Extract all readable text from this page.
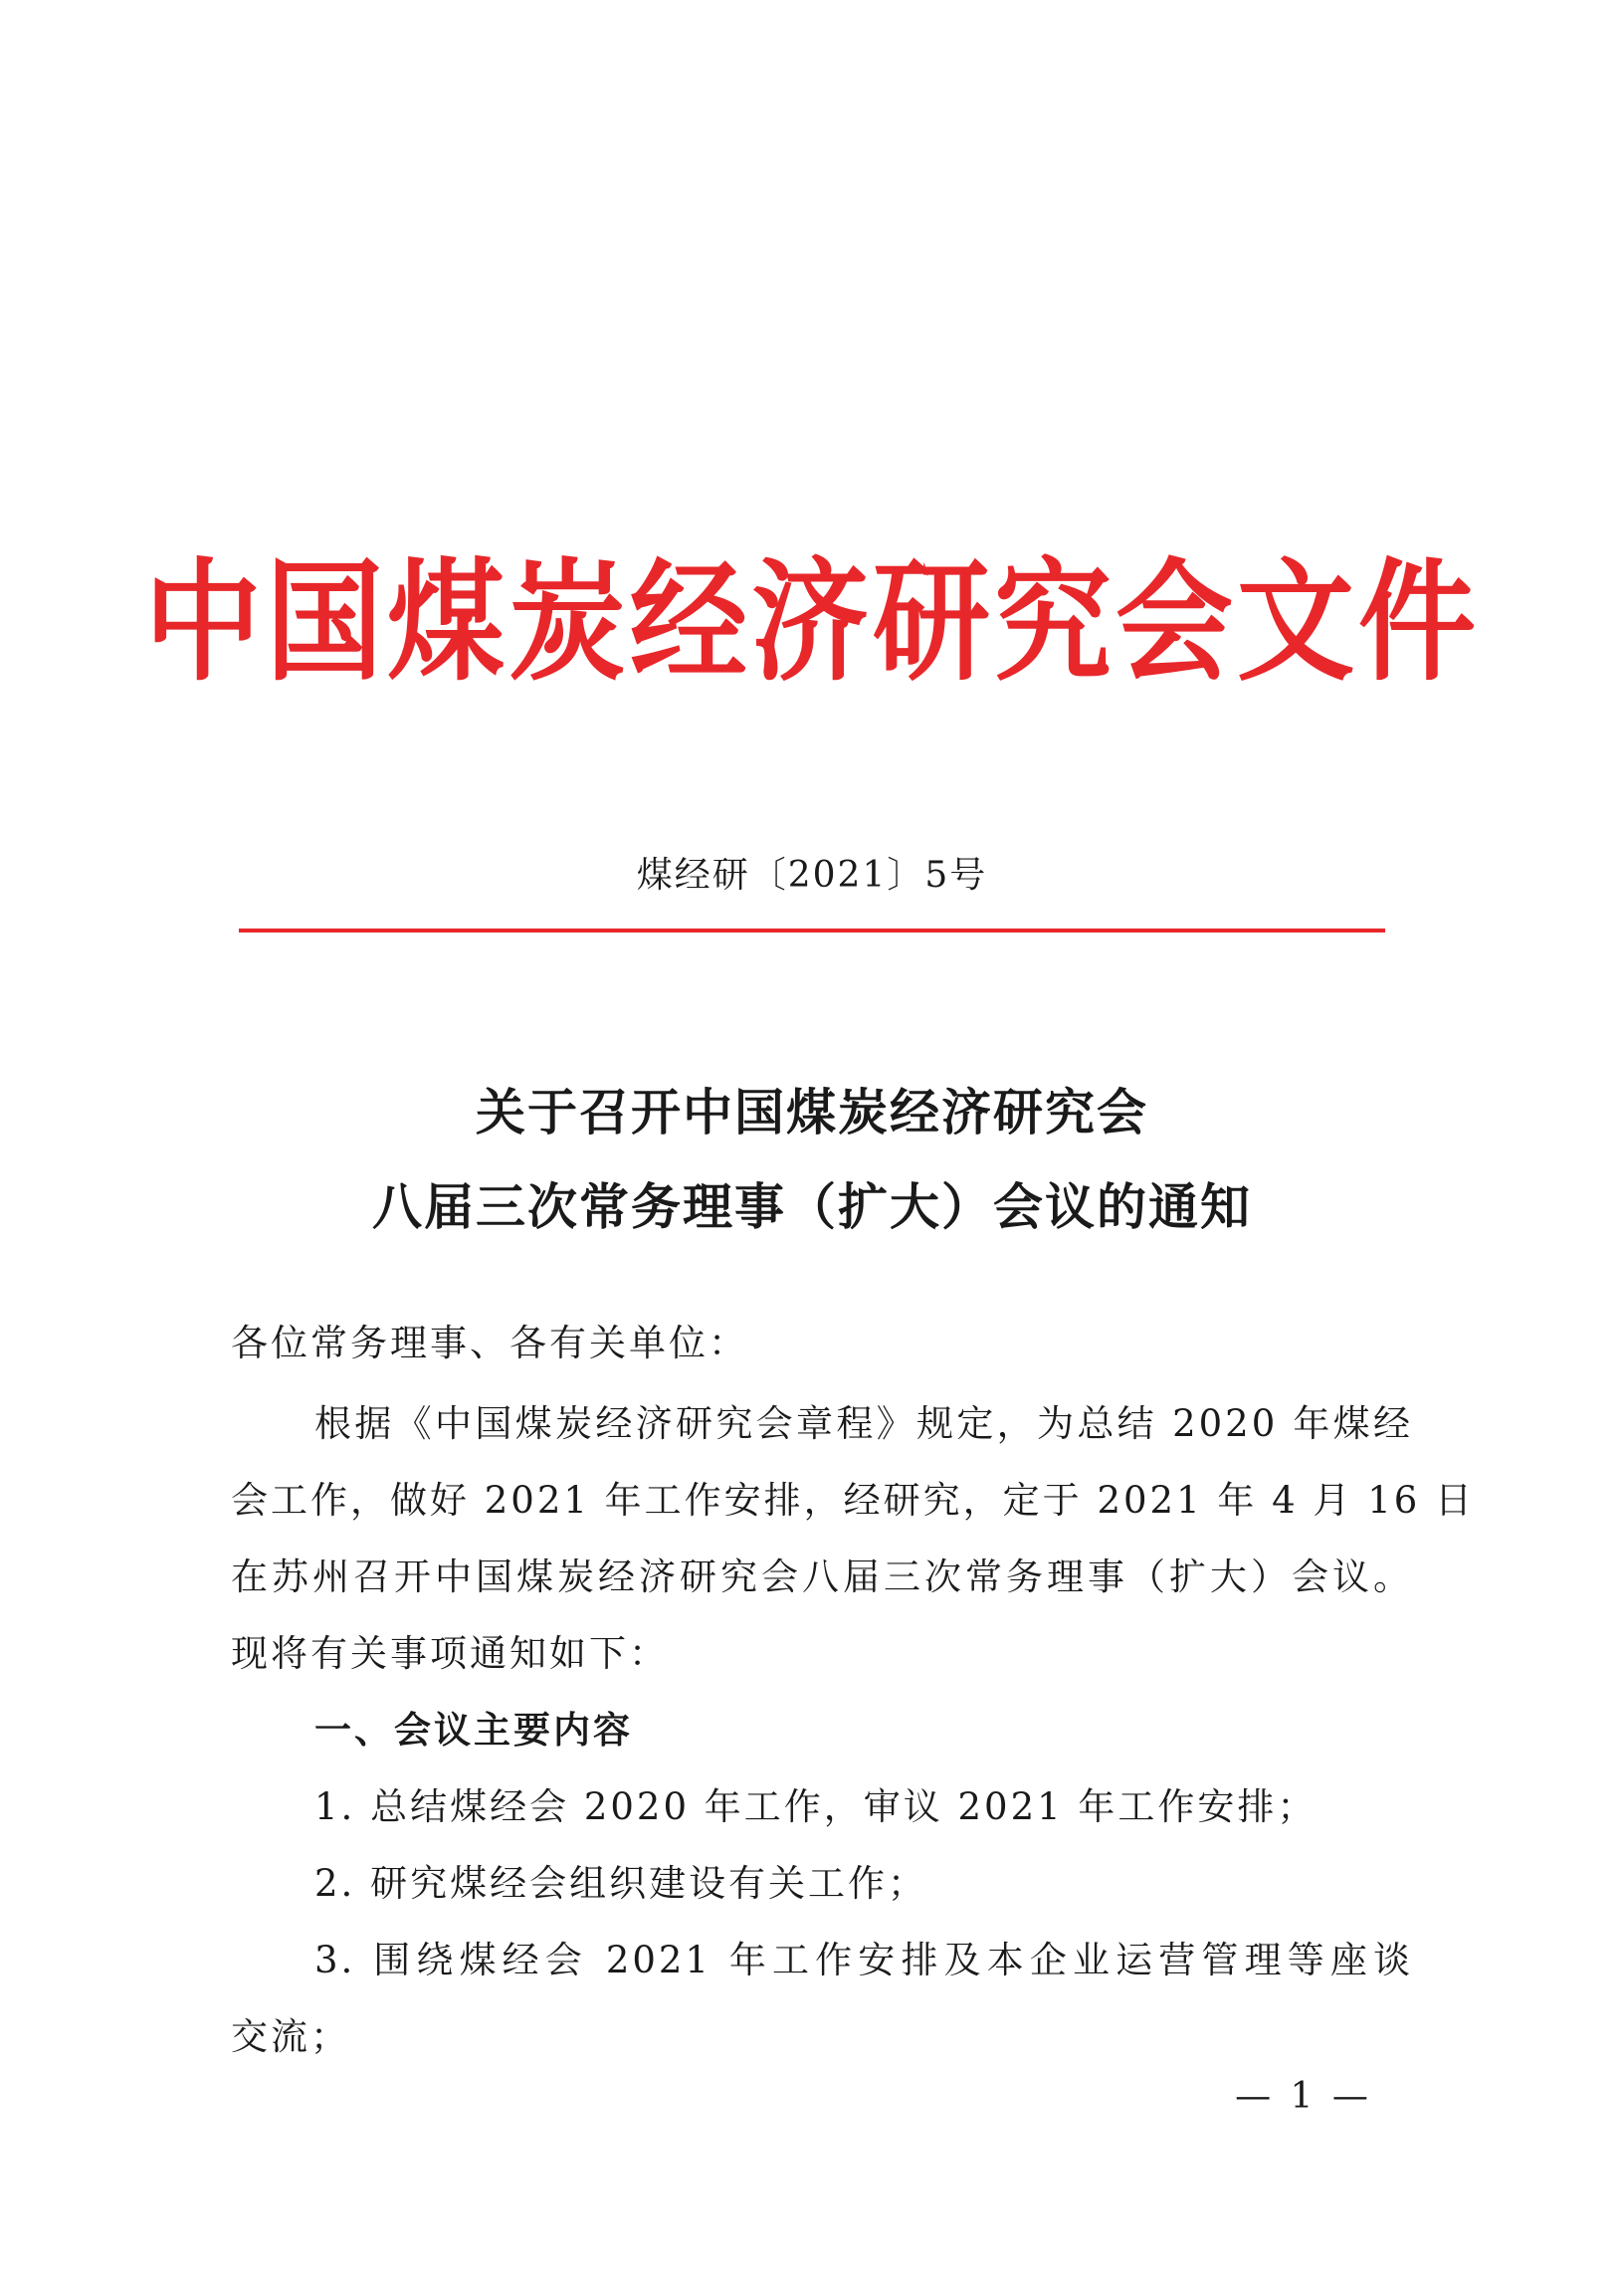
中国煤炭经济研究会文件
煤经研〔2021〕5号
关于召开中国煤炭经济研究会
八届三次常务理事（扩大）会议的通知
各位常务理事、各有关单位：
根据《中国煤炭经济研究会章程》规定，为总结 2020 年煤经
会工作，做好 2021 年工作安排，经研究，定于 2021 年 4 月 16 日
在苏州召开中国煤炭经济研究会八届三次常务理事（扩大）会议。
现将有关事项通知如下：
一、会议主要内容
1. 总结煤经会 2020 年工作，审议 2021 年工作安排；
2. 研究煤经会组织建设有关工作；
3. 围绕煤经会 2021 年工作安排及本企业运营管理等座谈
交流；
— 1 —
